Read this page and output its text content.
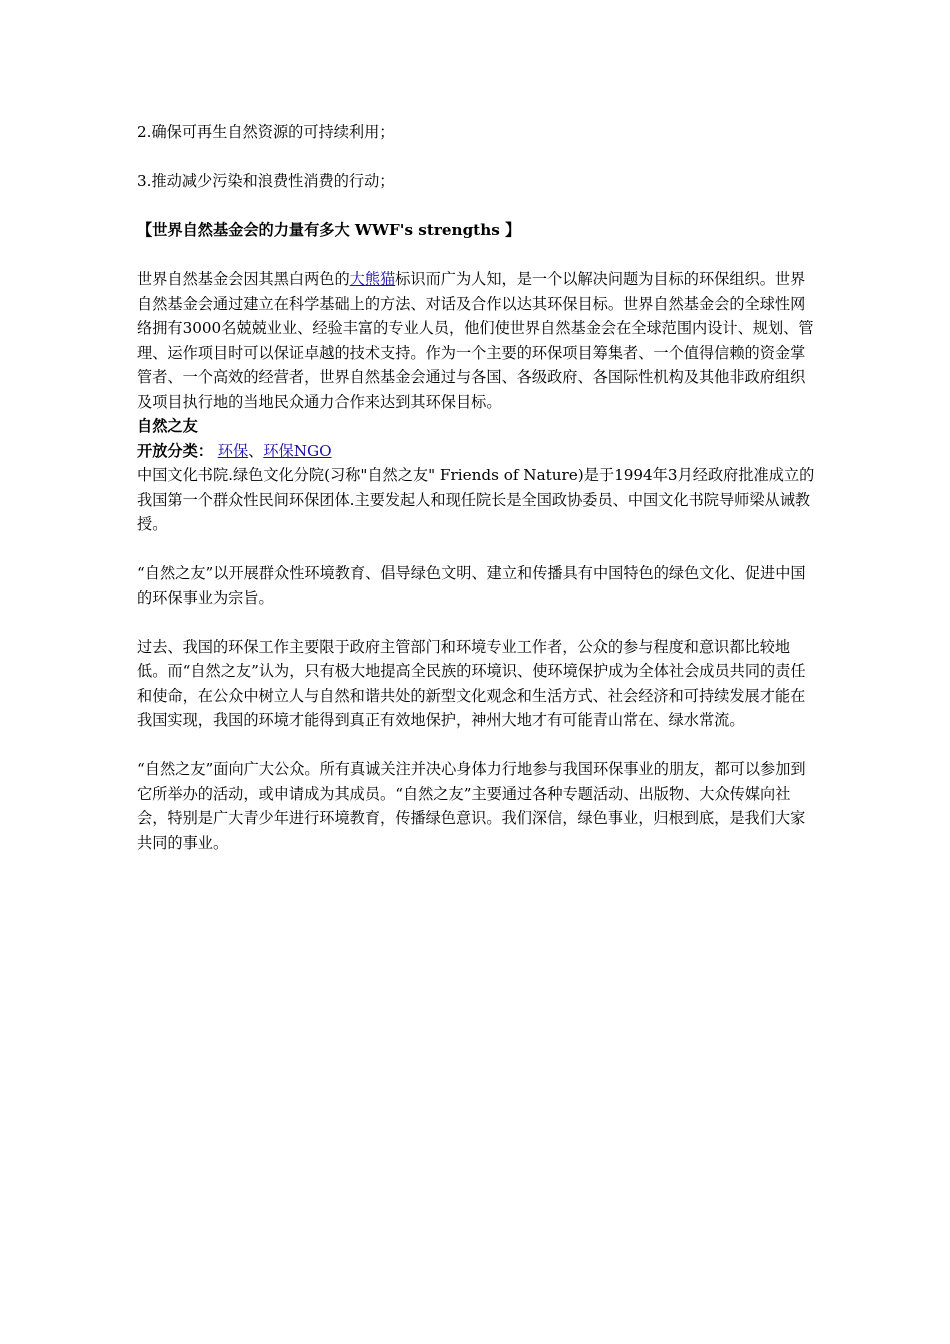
2.确保可再生自然资源的可持续利用；

3.推动减少污染和浪费性消费的行动；

【世界自然基金会的力量有多大 WWF's strengths 】

世界自然基金会因其黑白两色的大熊猫标识而广为人知，是一个以解决问题为目标的环保组织。世界自然基金会通过建立在科学基础上的方法、对话及合作以达其环保目标。世界自然基金会的全球性网络拥有3000名兢兢业业、经验丰富的专业人员，他们使世界自然基金会在全球范围内设计、规划、管理、运作项目时可以保证卓越的技术支持。作为一个主要的环保项目筹集者、一个值得信赖的资金掌管者、一个高效的经营者，世界自然基金会通过与各国、各级政府、各国际性机构及其他非政府组织及项目执行地的当地民众通力合作来达到其环保目标。

自然之友

开放分类： 环保、环保NGO

中国文化书院.绿色文化分院(习称"自然之友" Friends of Nature)是于1994年3月经政府批准成立的我国第一个群众性民间环保团体.主要发起人和现任院长是全国政协委员、中国文化书院导师梁从诫教授。

“自然之友”以开展群众性环境教育、倡导绿色文明、建立和传播具有中国特色的绿色文化、促进中国的环保事业为宗旨。

过去、我国的环保工作主要限于政府主管部门和环境专业工作者，公众的参与程度和意识都比较地低。而“自然之友”认为，只有极大地提高全民族的环境识、使环境保护成为全体社会成员共同的责任和使命，在公众中树立人与自然和谐共处的新型文化观念和生活方式、社会经济和可持续发展才能在我国实现，我国的环境才能得到真正有效地保护，神州大地才有可能青山常在、绿水常流。

“自然之友”面向广大公众。所有真诚关注并决心身体力行地参与我国环保事业的朋友，都可以参加到它所举办的活动，或申请成为其成员。“自然之友”主要通过各种专题活动、出版物、大众传媒向社会，特别是广大青少年进行环境教育，传播绿色意识。我们深信，绿色事业，归根到底，是我们大家共同的事业。
